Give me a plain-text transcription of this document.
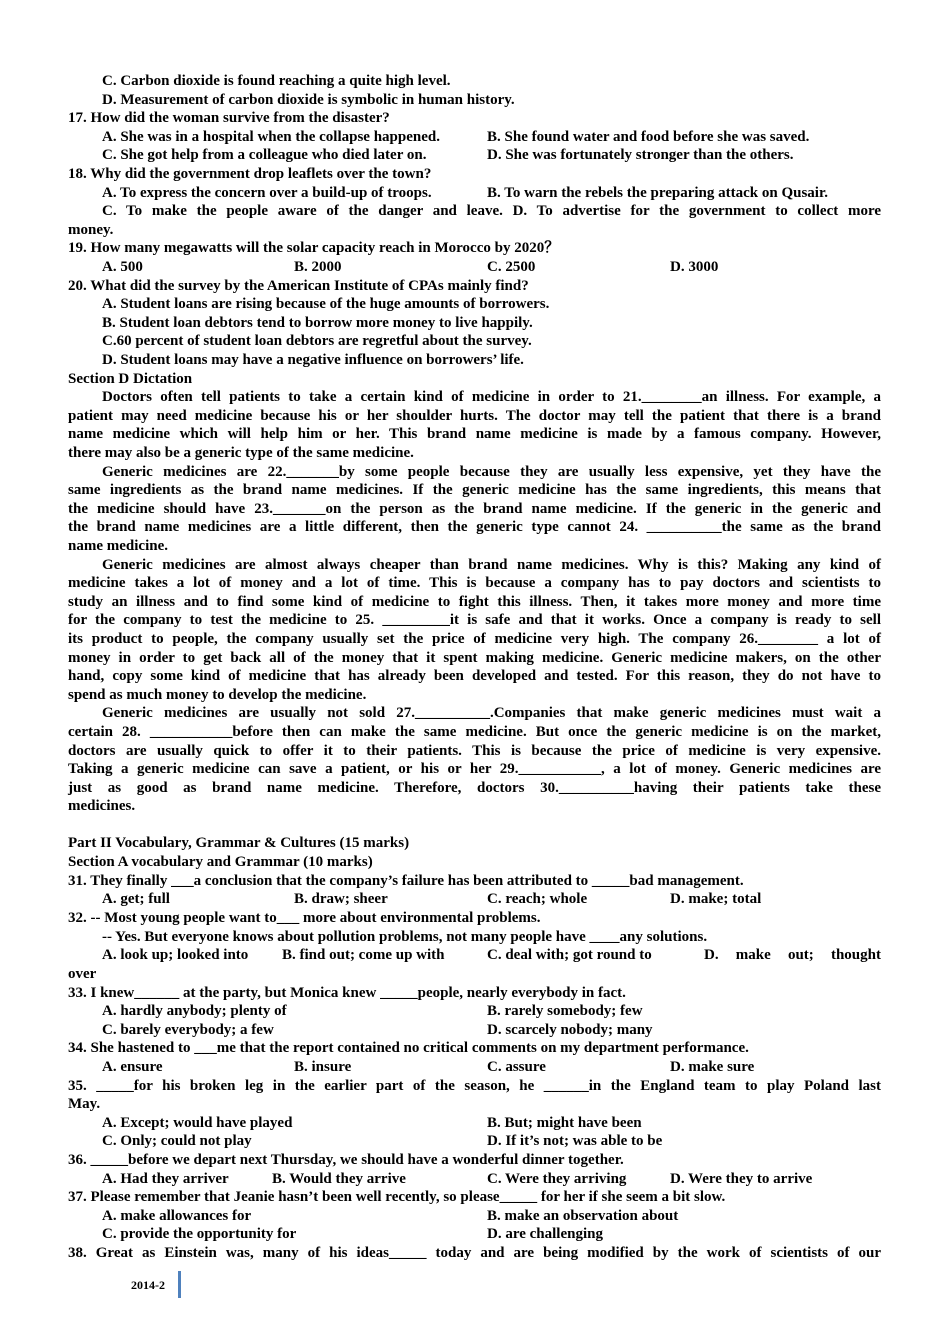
C. Carbon dioxide is found reaching a quite high level.
D. Measurement of carbon dioxide is symbolic in human history.
17. How did the woman survive from the disaster?
A. She was in a hospital when the collapse happened.	B. She found water and food before she was saved.
C. She got help from a colleague who died later on.	D. She was fortunately stronger than the others.
18. Why did the government drop leaflets over the town?
A. To express the concern over a build-up of troops.	B. To warn the rebels the preparing attack on Qusair.
C. To make the people aware of the danger and leave. D. To advertise for the government to collect more
money.
19. How many megawatts will the solar capacity reach in Morocco by 2020？
A. 500	B. 2000	C. 2500	D. 3000
20. What did the survey by the American Institute of CPAs mainly find?
A. Student loans are rising because of the huge amounts of borrowers.
B. Student loan debtors tend to borrow more money to live happily.
C.60 percent of student loan debtors are regretful about the survey.
D. Student loans may have a negative influence on borrowers’ life.
Section D Dictation
Doctors often tell patients to take a certain kind of medicine in order to 21.________an illness. For example, a
patient may need medicine because his or her shoulder hurts. The doctor may tell the patient that there is a brand
name medicine which will help him or her. This brand name medicine is made by a famous company. However,
there may also be a generic type of the same medicine.
Generic medicines are 22._______by some people because they are usually less expensive, yet they have the
same ingredients as the brand name medicines. If the generic medicine has the same ingredients, this means that
the medicine should have 23._______on the person as the brand name medicine. If the generic in the generic and
the brand name medicines are a little different, then the generic type cannot 24. __________the same as the brand
name medicine.
Generic medicines are almost always cheaper than brand name medicines. Why is this? Making any kind of
medicine takes a lot of money and a lot of time. This is because a company has to pay doctors and scientists to
study an illness and to find some kind of medicine to fight this illness. Then, it takes more money and more time
for the company to test the medicine to 25. _________it is safe and that it works. Once a company is ready to sell
its product to people, the company usually set the price of medicine very high. The company 26.________ a lot of
money in order to get back all of the money that it spent making medicine. Generic medicine makers, on the other
hand, copy some kind of medicine that has already been developed and tested. For this reason, they do not have to
spend as much money to develop the medicine.
Generic medicines are usually not sold 27.__________.Companies that make generic medicines must wait a
certain 28. ___________before then can make the same medicine. But once the generic medicine is on the market,
doctors are usually quick to offer it to their patients. This is because the price of medicine is very expensive.
Taking a generic medicine can save a patient, or his or her 29.___________, a lot of money. Generic medicines are
just as good as brand name medicine. Therefore, doctors 30.__________having their patients take these
medicines.
Part II Vocabulary, Grammar & Cultures (15 marks)
Section A vocabulary and Grammar (10 marks)
31. They finally ___a conclusion that the company’s failure has been attributed to _____bad management.
A. get; full	B. draw; sheer	C. reach; whole	D. make; total
32. -- Most young people want to___ more about environmental problems.
-- Yes. But everyone knows about pollution problems, not many people have ____any solutions.
A. look up; looked into B. find out; come up with	C. deal with; got round to	D. make out; thought
over
33. I knew______ at the party, but Monica knew _____people, nearly everybody in fact.
A. hardly anybody; plenty of	B. rarely somebody; few
C. barely everybody; a few	D. scarcely nobody; many
34. She hastened to ___me that the report contained no critical comments on my department performance.
A. ensure	B. insure	C. assure	D. make sure
35. _____for his broken leg in the earlier part of the season, he ______in the England team to play Poland last
May.
A. Except; would have played	B. But; might have been
C. Only; could not play	D. If it’s not; was able to be
36. _____before we depart next Thursday, we should have a wonderful dinner together.
A. Had they arriver	B. Would they arrive	C. Were they arriving	D. Were they to arrive
37. Please remember that Jeanie hasn’t been well recently, so please_____ for her if she seem a bit slow.
A. make allowances for	B. make an observation about
C. provide the opportunity for	D. are challenging
38. Great as Einstein was, many of his ideas_____ today and are being modified by the work of scientists of our
2014-2
